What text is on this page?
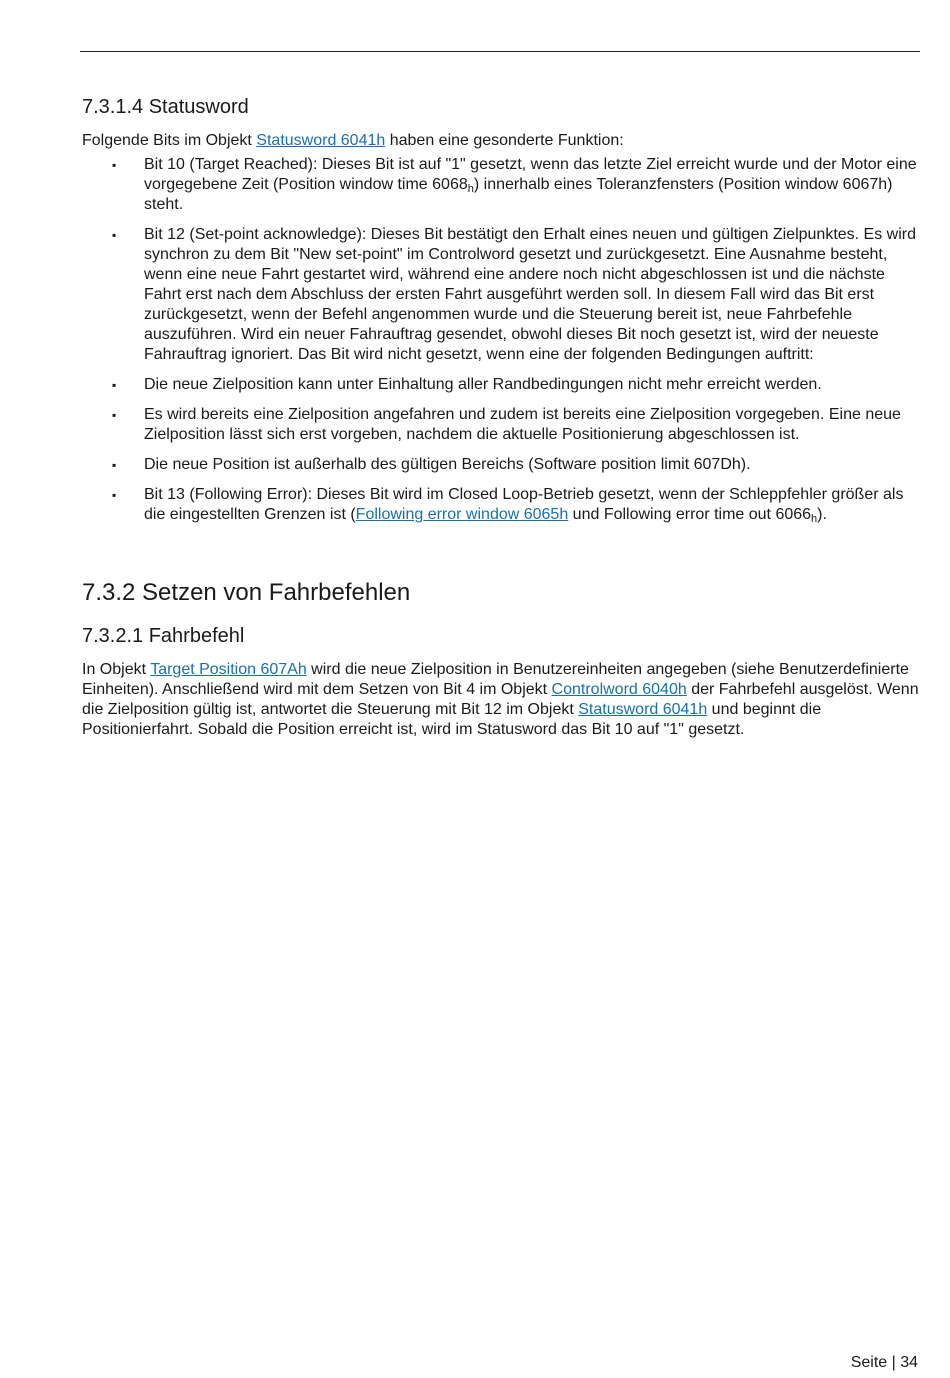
7.3.1.4 Statusword

Folgende Bits im Objekt Statusword 6041h haben eine gesonderte Funktion:

▪ Bit 10 (Target Reached): Dieses Bit ist auf "1" gesetzt, wenn das letzte Ziel erreicht wurde und der Motor eine vorgegebene Zeit (Position window time $6068_h$) innerhalb eines Toleranzfensters (Position window 6067h) steht.
▪ Bit 12 (Set-point acknowledge): Dieses Bit bestätigt den Erhalt eines neuen und gültigen Zielpunktes. Es wird synchron zu dem Bit "New set-point" im Controlword gesetzt und zurückgesetzt. Eine Ausnahme besteht, wenn eine neue Fahrt gestartet wird, während eine andere noch nicht abgeschlossen ist und die nächste Fahrt erst nach dem Abschluss der ersten Fahrt ausgeführt werden soll. In diesem Fall wird das Bit erst zurückgesetzt, wenn der Befehl angenommen wurde und die Steuerung bereit ist, neue Fahrbefehle auszuführen. Wird ein neuer Fahrauftrag gesendet, obwohl dieses Bit noch gesetzt ist, wird der neueste Fahrauftrag ignoriert. Das Bit wird nicht gesetzt, wenn eine der folgenden Bedingungen auftritt:
▪ Die neue Zielposition kann unter Einhaltung aller Randbedingungen nicht mehr erreicht werden.
▪ Es wird bereits eine Zielposition angefahren und zudem ist bereits eine Zielposition vorgegeben. Eine neue Zielposition lässt sich erst vorgeben, nachdem die aktuelle Positionierung abgeschlossen ist.
▪ Die neue Position ist außerhalb des gültigen Bereichs (Software position limit 607Dh).
▪ Bit 13 (Following Error): Dieses Bit wird im Closed Loop-Betrieb gesetzt, wenn der Schleppfehler größer als die eingestellten Grenzen ist (Following error window 6065h und Following error time out $6066_h$).
7.3.2 Setzen von Fahrbefehlen
7.3.2.1 Fahrbefehl

In Objekt Target Position 607Ah wird die neue Zielposition in Benutzereinheiten angegeben (siehe Benutzerdefinierte Einheiten). Anschließend wird mit dem Setzen von Bit 4 im Objekt Controlword 6040h der Fahrbefehl ausgelöst. Wenn die Zielposition gültig ist, antwortet die Steuerung mit Bit 12 im Objekt Statusword 6041h und beginnt die Positionierfahrt. Sobald die Position erreicht ist, wird im Statusword das Bit 10 auf "1" gesetzt.

Seite | 34
